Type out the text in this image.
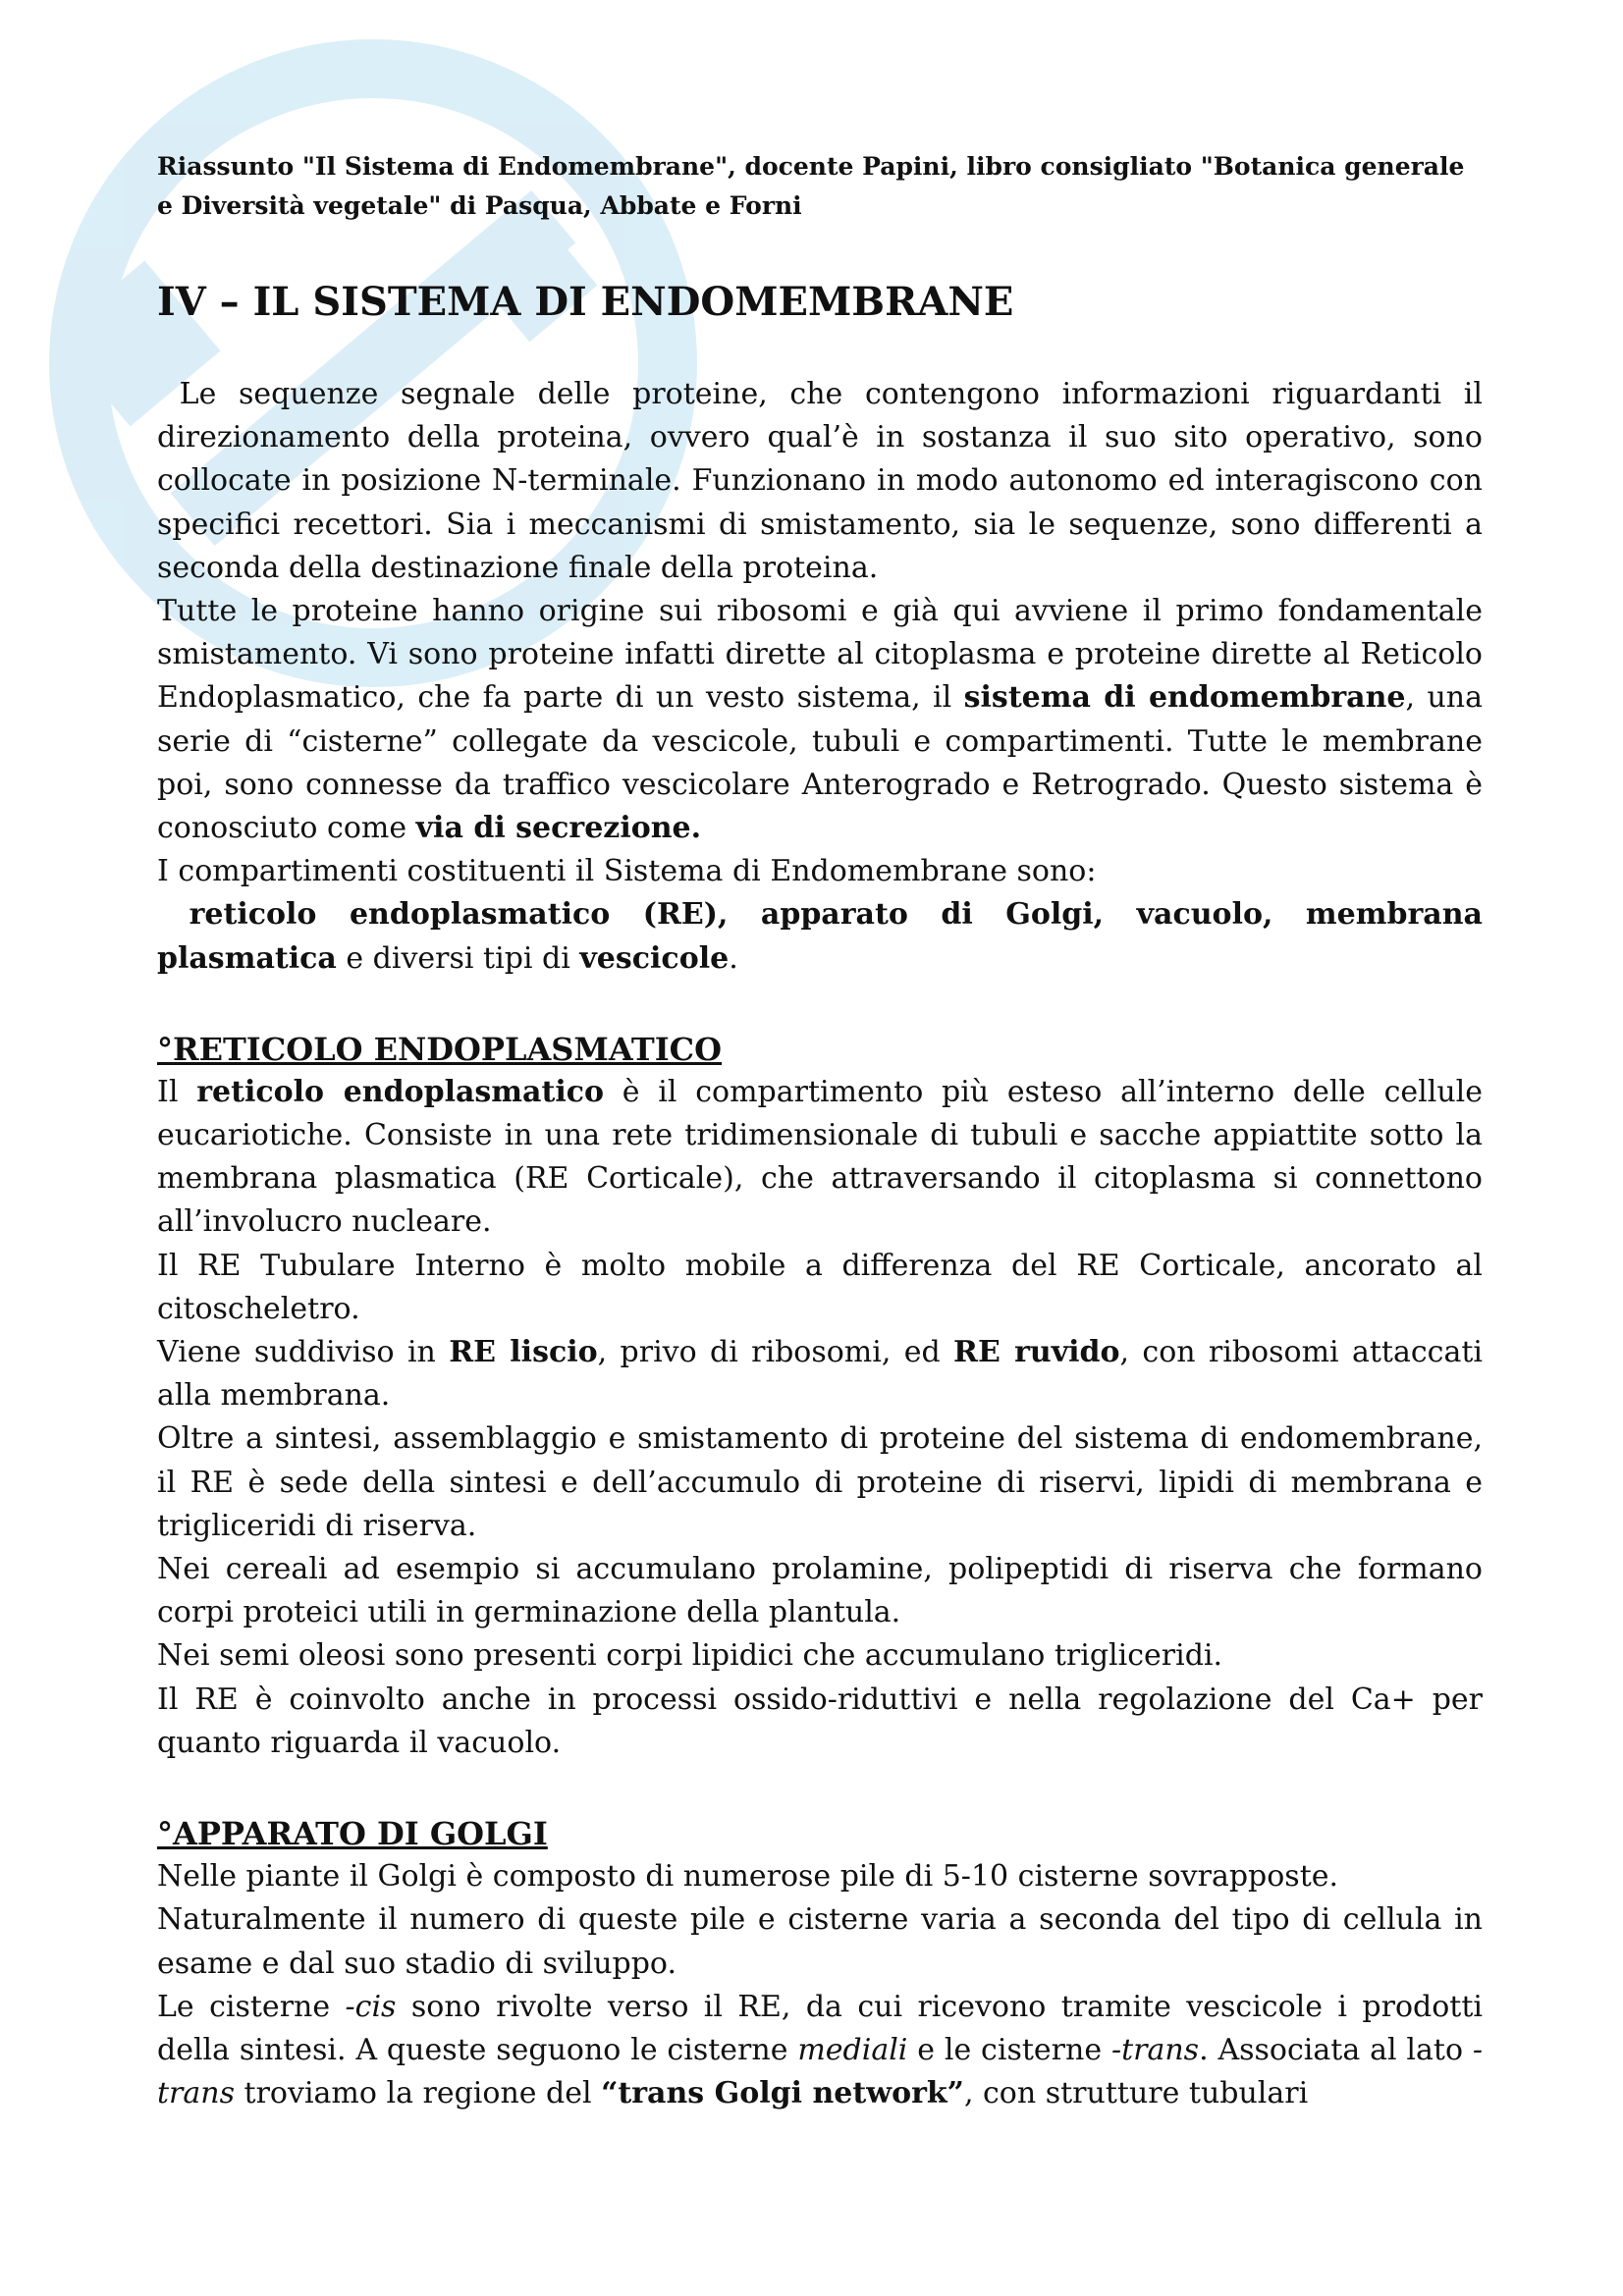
Riassunto "Il Sistema di Endomembrane", docente Papini, libro consigliato "Botanica generale e Diversità vegetale" di Pasqua, Abbate e Forni

IV – IL SISTEMA DI ENDOMEMBRANE

Le sequenze segnale delle proteine, che contengono informazioni riguardanti il direzionamento della proteina, ovvero qual’è in sostanza il suo sito operativo, sono collocate in posizione N-terminale. Funzionano in modo autonomo ed interagiscono con specifici recettori. Sia i meccanismi di smistamento, sia le sequenze, sono differenti a seconda della destinazione finale della proteina.

Tutte le proteine hanno origine sui ribosomi e già qui avviene il primo fondamentale smistamento. Vi sono proteine infatti dirette al citoplasma e proteine dirette al Reticolo Endoplasmatico, che fa parte di un vesto sistema, il sistema di endomembrane, una serie di “cisterne” collegate da vescicole, tubuli e compartimenti. Tutte le membrane poi, sono connesse da traffico vescicolare Anterogrado e Retrogrado. Questo sistema è conosciuto come via di secrezione.

I compartimenti costituenti il Sistema di Endomembrane sono:

reticolo endoplasmatico (RE), apparato di Golgi, vacuolo, membrana plasmatica e diversi tipi di vescicole.

°RETICOLO ENDOPLASMATICO

Il reticolo endoplasmatico è il compartimento più esteso all’interno delle cellule eucariotiche. Consiste in una rete tridimensionale di tubuli e sacche appiattite sotto la membrana plasmatica (RE Corticale), che attraversando il citoplasma si connettono all’involucro nucleare.

Il RE Tubulare Interno è molto mobile a differenza del RE Corticale, ancorato al citoscheletro.

Viene suddiviso in RE liscio, privo di ribosomi, ed RE ruvido, con ribosomi attaccati alla membrana.

Oltre a sintesi, assemblaggio e smistamento di proteine del sistema di endomembrane, il RE è sede della sintesi e dell’accumulo di proteine di riservi, lipidi di membrana e trigliceridi di riserva.

Nei cereali ad esempio si accumulano prolamine, polipeptidi di riserva che formano corpi proteici utili in germinazione della plantula.

Nei semi oleosi sono presenti corpi lipidici che accumulano trigliceridi.

Il RE è coinvolto anche in processi ossido-riduttivi e nella regolazione del Ca+ per quanto riguarda il vacuolo.

°APPARATO DI GOLGI

Nelle piante il Golgi è composto di numerose pile di 5-10 cisterne sovrapposte.

Naturalmente il numero di queste pile e cisterne varia a seconda del tipo di cellula in esame e dal suo stadio di sviluppo.

Le cisterne -cis sono rivolte verso il RE, da cui ricevono tramite vescicole i prodotti della sintesi. A queste seguono le cisterne mediali e le cisterne -trans. Associata al lato -trans troviamo la regione del “trans Golgi network”, con strutture tubulari
